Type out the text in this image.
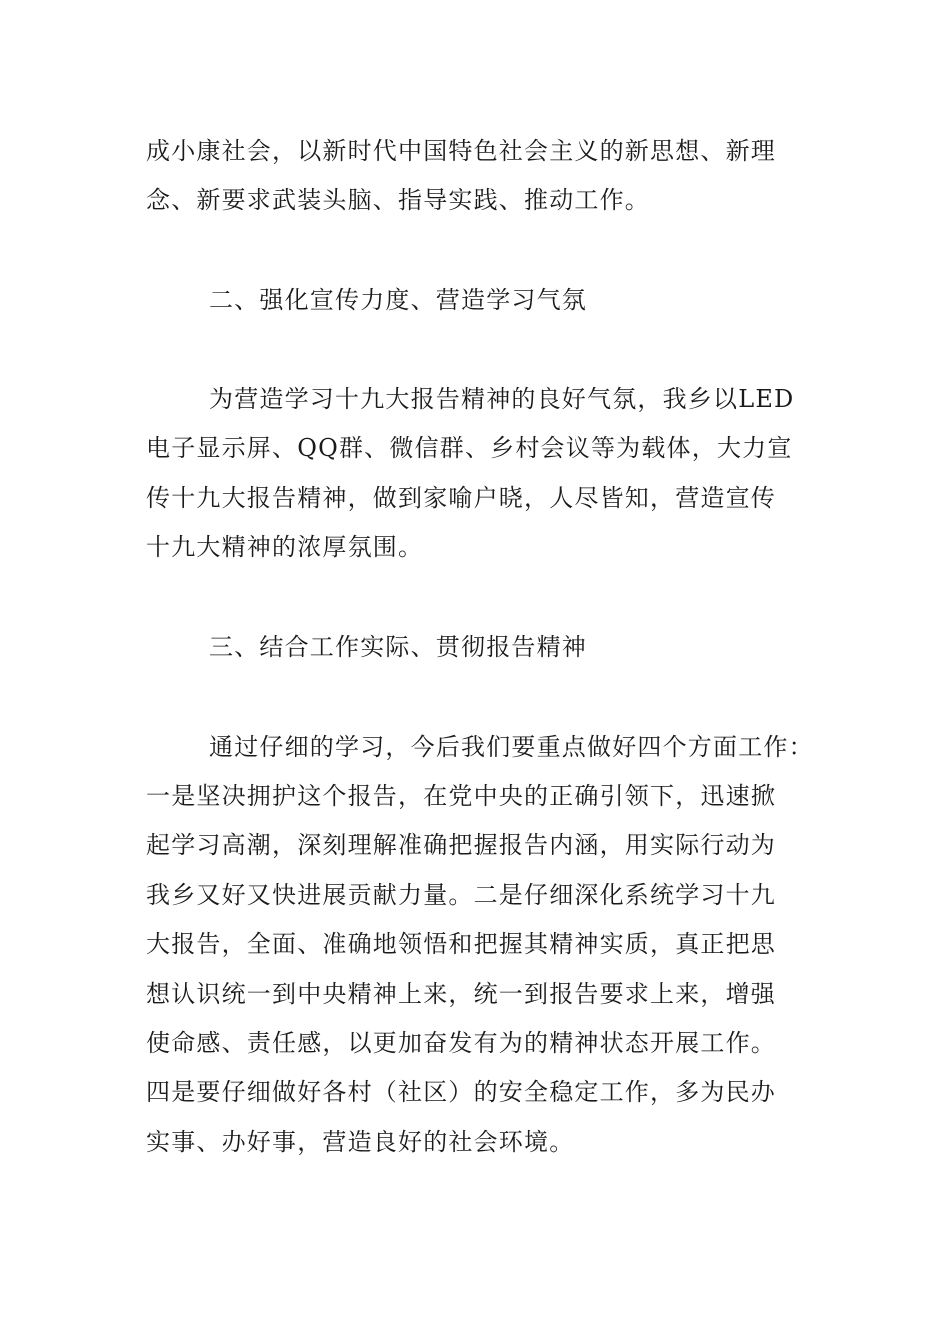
成小康社会，以新时代中国特色社会主义的新思想、新理
念、新要求武装头脑、指导实践、推动工作。
二、强化宣传力度、营造学习气氛
为营造学习十九大报告精神的良好气氛，我乡以LED
电子显示屏、QQ群、微信群、乡村会议等为载体，大力宣
传十九大报告精神，做到家喻户晓，人尽皆知，营造宣传
十九大精神的浓厚氛围。
三、结合工作实际、贯彻报告精神
通过仔细的学习，今后我们要重点做好四个方面工作：
一是坚决拥护这个报告，在党中央的正确引领下，迅速掀
起学习高潮，深刻理解准确把握报告内涵，用实际行动为
我乡又好又快进展贡献力量。二是仔细深化系统学习十九
大报告，全面、准确地领悟和把握其精神实质，真正把思
想认识统一到中央精神上来，统一到报告要求上来，增强
使命感、责任感，以更加奋发有为的精神状态开展工作。
四是要仔细做好各村（社区）的安全稳定工作，多为民办
实事、办好事，营造良好的社会环境。
